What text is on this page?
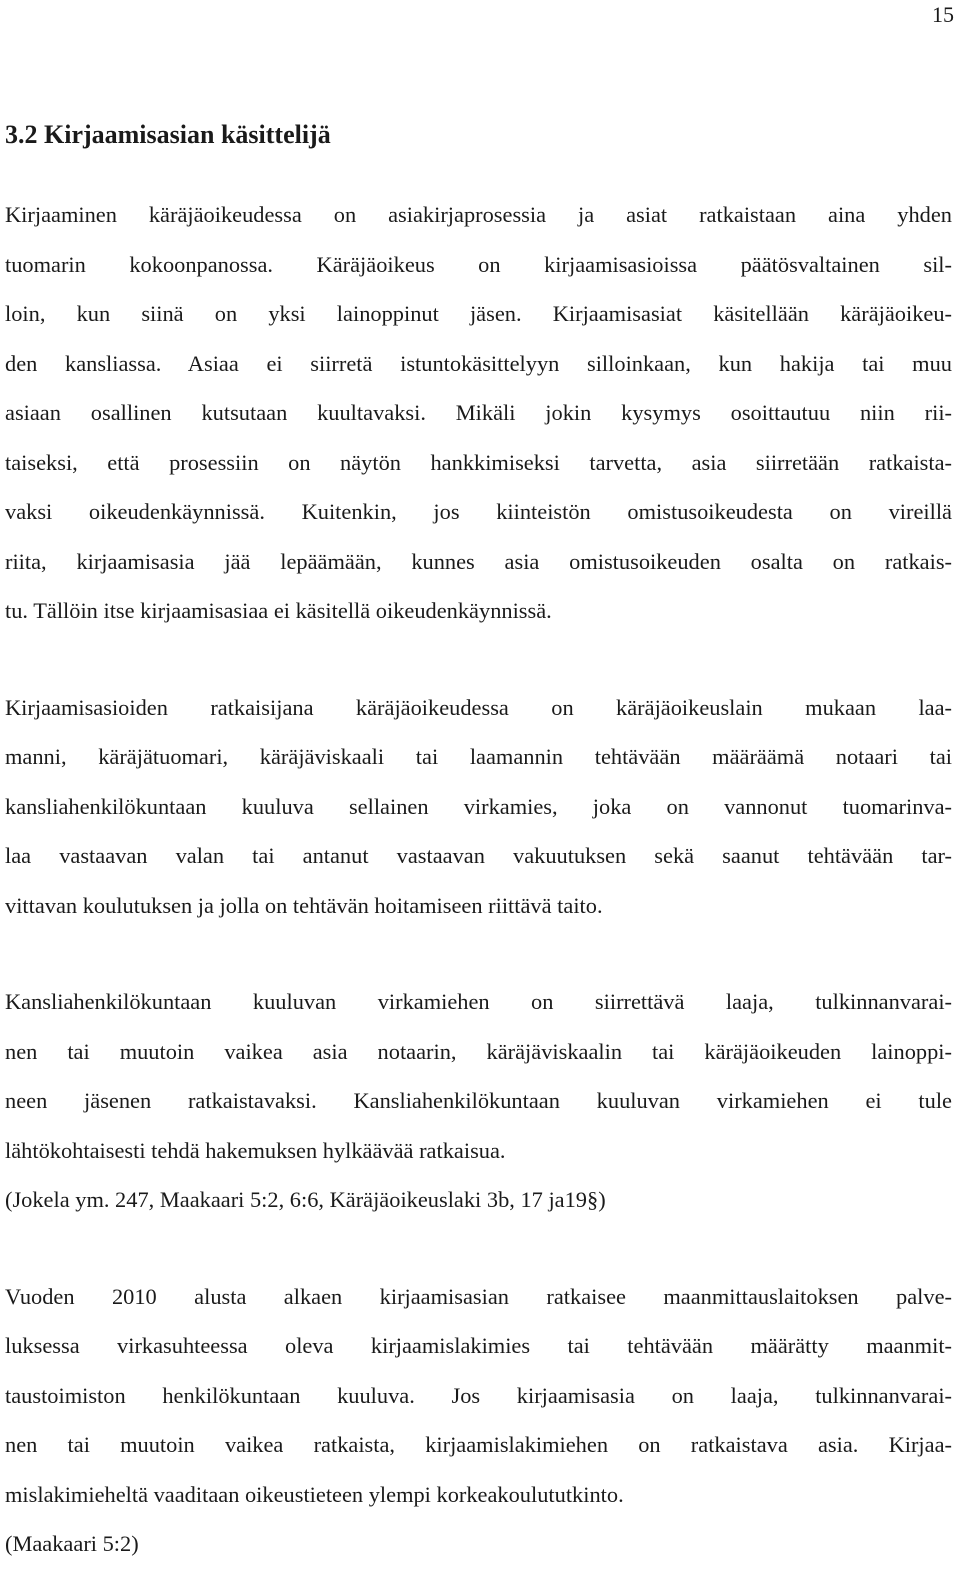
15
3.2 Kirjaamisasian käsittelijä
Kirjaaminen käräjäoikeudessa on asiakirjaprosessia ja asiat ratkaistaan aina yhden
tuomarin kokoonpanossa. Käräjäoikeus on kirjaamisasioissa päätösvaltainen sil-
loin, kun siinä on yksi lainoppinut jäsen. Kirjaamisasiat käsitellään käräjäoikeu-
den kansliassa. Asiaa ei siirretä istuntokäsittelyyn silloinkaan, kun hakija tai muu
asiaan osallinen kutsutaan kuultavaksi. Mikäli jokin kysymys osoittautuu niin rii-
taiseksi, että prosessiin on näytön hankkimiseksi tarvetta, asia siirretään ratkaista-
vaksi oikeudenkäynnissä. Kuitenkin, jos kiinteistön omistusoikeudesta on vireillä
riita, kirjaamisasia jää lepäämään, kunnes asia omistusoikeuden osalta on ratkais-
tu. Tällöin itse kirjaamisasiaa ei käsitellä oikeudenkäynnissä.
Kirjaamisasioiden ratkaisijana käräjäoikeudessa on käräjäoikeuslain mukaan laa-
manni, käräjätuomari, käräjäviskaali tai laamannin tehtävään määräämä notaari tai
kansliahenkilökuntaan kuuluva sellainen virkamies, joka on vannonut tuomarinva-
laa vastaavan valan tai antanut vastaavan vakuutuksen sekä saanut tehtävään tar-
vittavan koulutuksen ja jolla on tehtävän hoitamiseen riittävä taito.
Kansliahenkilökuntaan kuuluvan virkamiehen on siirrettävä laaja, tulkinnanvarai-
nen tai muutoin vaikea asia notaarin, käräjäviskaalin tai käräjäoikeuden lainoppi-
neen jäsenen ratkaistavaksi. Kansliahenkilökuntaan kuuluvan virkamiehen ei tule
lähtökohtaisesti tehdä hakemuksen hylkäävää ratkaisua.
(Jokela ym. 247, Maakaari 5:2, 6:6, Käräjäoikeuslaki 3b, 17 ja19§)
Vuoden 2010 alusta alkaen kirjaamisasian ratkaisee maanmittauslaitoksen palve-
luksessa virkasuhteessa oleva kirjaamislakimies tai tehtävään määrätty maanmit-
taustoimiston henkilökuntaan kuuluva. Jos kirjaamisasia on laaja, tulkinnanvarai-
nen tai muutoin vaikea ratkaista, kirjaamislakimiehen on ratkaistava asia. Kirjaa-
mislakimieheltä vaaditaan oikeustieteen ylempi korkeakoulututkinto.
(Maakaari 5:2)
